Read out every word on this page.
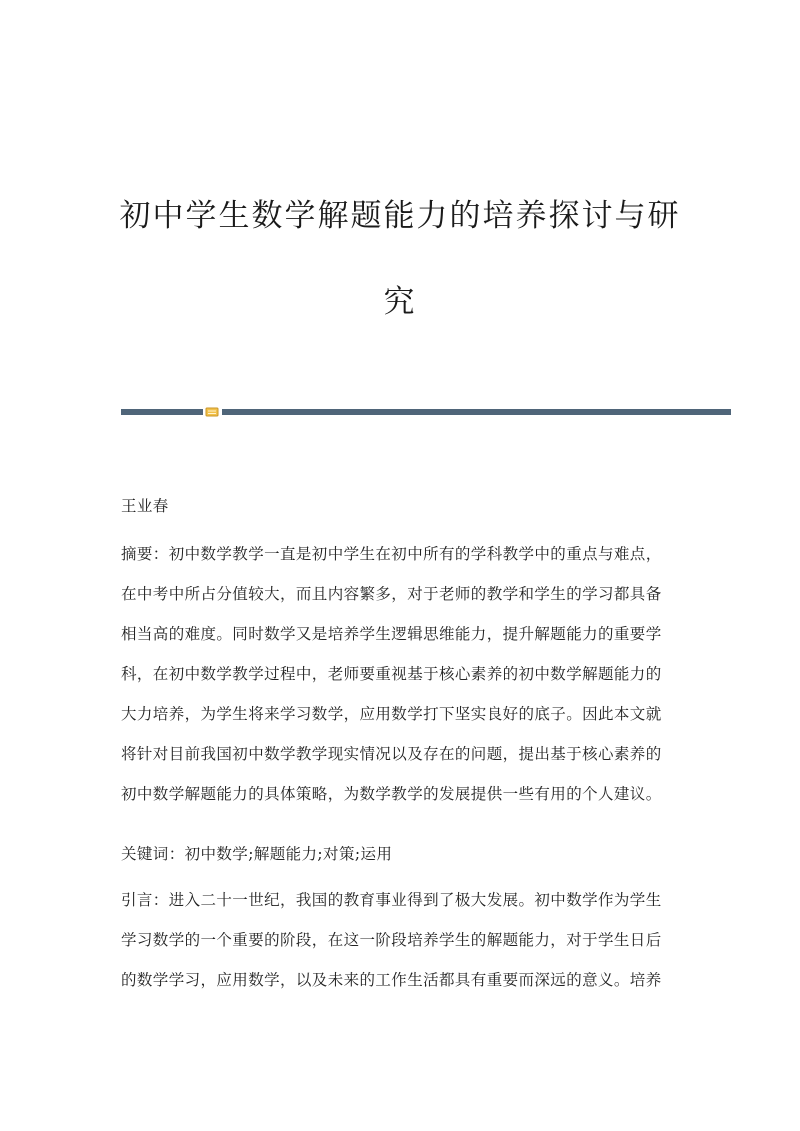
初中学生数学解题能力的培养探讨与研
究
王业春
摘要：初中数学教学一直是初中学生在初中所有的学科教学中的重点与难点，
在中考中所占分值较大，而且内容繁多，对于老师的教学和学生的学习都具备
相当高的难度。同时数学又是培养学生逻辑思维能力，提升解题能力的重要学
科，在初中数学教学过程中，老师要重视基于核心素养的初中数学解题能力的
大力培养，为学生将来学习数学，应用数学打下坚实良好的底子。因此本文就
将针对目前我国初中数学教学现实情况以及存在的问题，提出基于核心素养的
初中数学解题能力的具体策略，为数学教学的发展提供一些有用的个人建议。
关键词：初中数学;解题能力;对策;运用
引言：进入二十一世纪，我国的教育事业得到了极大发展。初中数学作为学生
学习数学的一个重要的阶段，在这一阶段培养学生的解题能力，对于学生日后
的数学学习，应用数学，以及未来的工作生活都具有重要而深远的意义。培养
